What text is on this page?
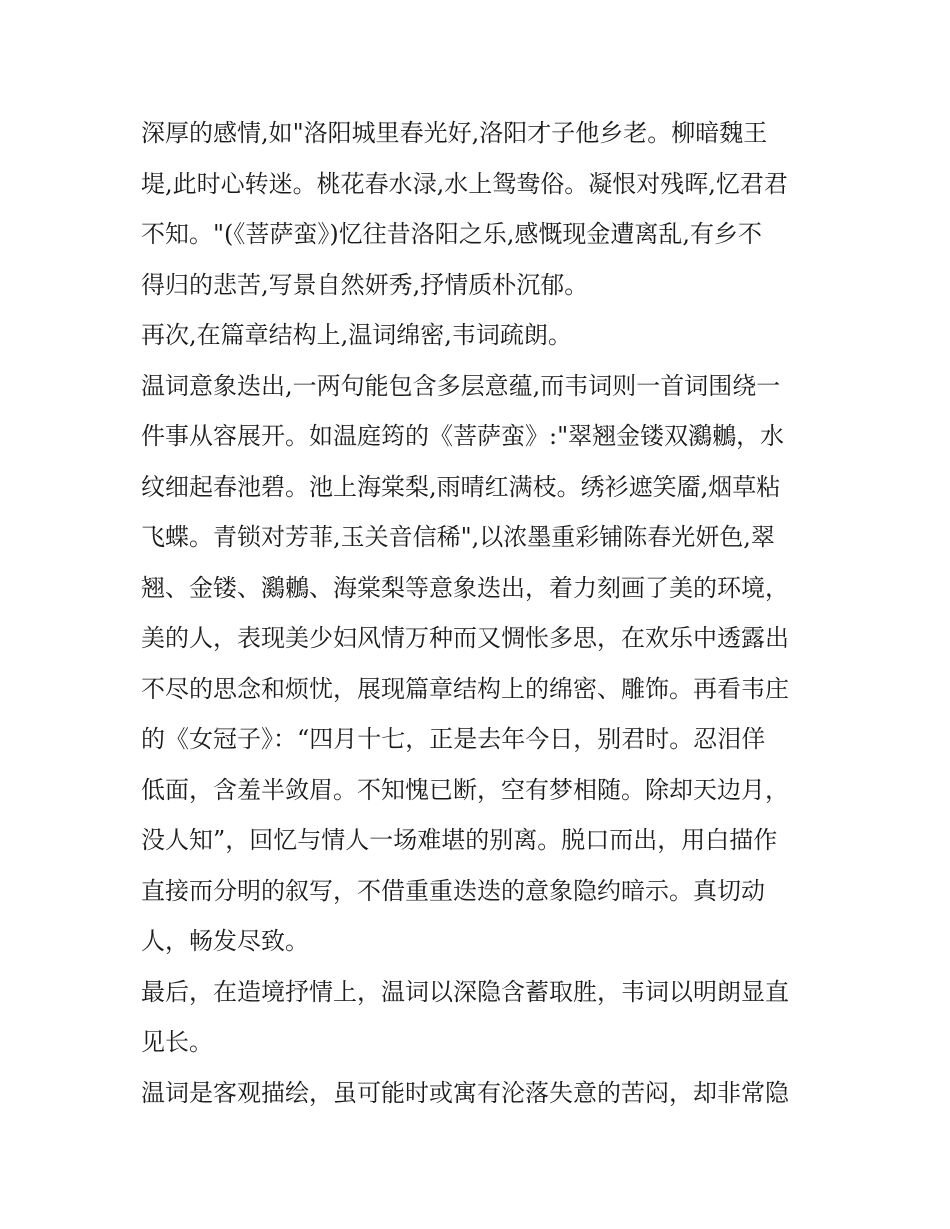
深厚的感情,如"洛阳城里春光好,洛阳才子他乡老。柳暗魏王
堤,此时心转迷。桃花春水渌,水上鸳鸯俗。凝恨对残晖,忆君君
不知。"(《菩萨蛮》)忆往昔洛阳之乐,感慨现金遭离乱,有乡不
得归的悲苦,写景自然妍秀,抒情质朴沉郁。
再次,在篇章结构上,温词绵密,韦词疏朗。
温词意象迭出,一两句能包含多层意蕴,而韦词则一首词围绕一
件事从容展开。如温庭筠的《菩萨蛮》:"翠翘金镂双鸂鶒，水
纹细起春池碧。池上海棠梨,雨晴红满枝。绣衫遮笑靥,烟草粘
飞蝶。青锁对芳菲,玉关音信稀",以浓墨重彩铺陈春光妍色,翠
翘、金镂、鸂鶒、海棠梨等意象迭出，着力刻画了美的环境，
美的人，表现美少妇风情万种而又惆怅多思，在欢乐中透露出
不尽的思念和烦忧，展现篇章结构上的绵密、雕饰。再看韦庄
的《女冠子》：“四月十七，正是去年今日，别君时。忍泪佯
低面，含羞半敛眉。不知愧已断，空有梦相随。除却天边月，
没人知”，回忆与情人一场难堪的别离。脱口而出，用白描作
直接而分明的叙写，不借重重迭迭的意象隐约暗示。真切动
人，畅发尽致。
最后，在造境抒情上，温词以深隐含蓄取胜，韦词以明朗显直
见长。
温词是客观描绘，虽可能时或寓有沦落失意的苦闷，却非常隐
